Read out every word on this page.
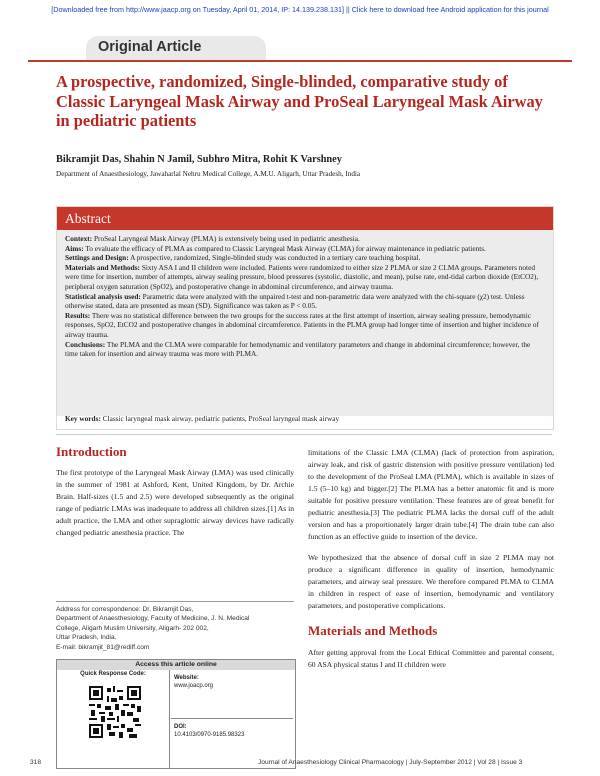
[Downloaded free from http://www.jaacp.org on Tuesday, April 01, 2014, IP: 14.139.238.131] || Click here to download free Android application for this journal
Original Article
A prospective, randomized, Single-blinded, comparative study of Classic Laryngeal Mask Airway and ProSeal Laryngeal Mask Airway in pediatric patients
Bikramjit Das, Shahin N Jamil, Subhro Mitra, Rohit K Varshney
Department of Anaesthesiology, Jawaharlal Nehru Medical College, A.M.U. Aligarh, Uttar Pradesh, India
Abstract

Context: ProSeal Laryngeal Mask Airway (PLMA) is extensively being used in pediatric anesthesia.

Aims: To evaluate the efficacy of PLMA as compared to Classic Laryngeal Mask Airway (CLMA) for airway maintenance in pediatric patients.

Settings and Design: A prospective, randomized, Single-blinded study was conducted in a tertiary care teaching hospital.

Materials and Methods: Sixty ASA I and II children were included. Patients were randomized to either size 2 PLMA or size 2 CLMA groups. Parameters noted were time for insertion, number of attempts, airway sealing pressure, blood pressures (systolic, diastolic, and mean), pulse rate, end-tidal carbon dioxide (EtCO2), peripheral oxygen saturation (SpO2), and postoperative change in abdominal circumference, and airway trauma.

Statistical analysis used: Parametric data were analyzed with the unpaired t-test and non-parametric data were analyzed with the chi-square (χ2) test. Unless otherwise stated, data are presented as mean (SD). Significance was taken as P < 0.05.

Results: There was no statistical difference between the two groups for the success rates at the first attempt of insertion, airway sealing pressure, hemodynamic responses, SpO2, EtCO2 and postoperative changes in abdominal circumference. Patients in the PLMA group had longer time of insertion and higher incidence of airway trauma.

Conclusions: The PLMA and the CLMA were comparable for hemodynamic and ventilatory parameters and change in abdominal circumference; however, the time taken for insertion and airway trauma was more with PLMA.

Key words: Classic laryngeal mask airway, pediatric patients, ProSeal laryngeal mask airway
Introduction

The first prototype of the Laryngeal Mask Airway (LMA) was used clinically in the summer of 1981 at Ashford, Kent, United Kingdom, by Dr. Archie Brain. Half-sizes (1.5 and 2.5) were developed subsequently as the original range of pediatric LMAs was inadequate to address all children sizes.[1] As in adult practice, the LMA and other supraglottic airway devices have radically changed pediatric anesthesia practice. The

Address for correspondence: Dr. Bikramjit Das,
Department of Anaesthesiology, Faculty of Medicine, J. N. Medical
College, Aligarh Muslim University, Aligarh- 202 002,
Uttar Pradesh, India.
E-mail: bikramjit_81@rediff.com
Access this article online
Quick Response Code:
Website:
www.joacp.org
DOI:
10.4103/0970-9185.98323

limitations of the Classic LMA (CLMA) (lack of protection from aspiration, airway leak, and risk of gastric distension with positive pressure ventilation) led to the development of the ProSeal LMA (PLMA), which is available in sizes of 1.5 (5–10 kg) and bigger.[2] The PLMA has a better anatomic fit and is more suitable for positive pressure ventilation. These features are of great benefit for pediatric anesthesia.[3] The pediatric PLMA lacks the dorsal cuff of the adult version and has a proportionately larger drain tube.[4] The drain tube can also function as an effective guide to insertion of the device.

We hypothesized that the absence of dorsal cuff in size 2 PLMA may not produce a significant difference in quality of insertion, hemodynamic parameters, and airway seal pressure. We therefore compared PLMA to CLMA in children in respect of ease of insertion, hemodynamic and ventilatory parameters, and postoperative complications.

Materials and Methods

After getting approval from the Local Ethical Committee and parental consent, 60 ASA physical status I and II children were

318	Journal of Anaesthesiology Clinical Pharmacology | July-September 2012 | Vol 28 | Issue 3
